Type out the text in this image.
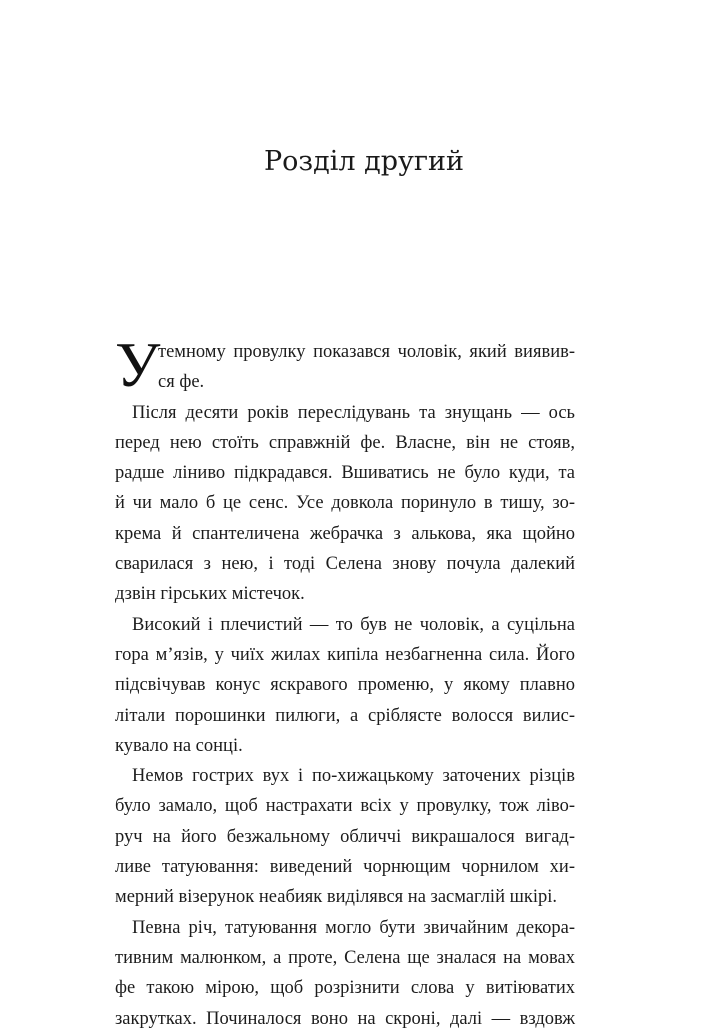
Розділ другий
У
темному провулку показався чоловік, який виявив-
ся фе.
Після десяти років переслідувань та знущань — ось
перед нею стоїть справжній фе. Власне, він не стояв,
радше ліниво підкрадався. Вшиватись не було куди, та
й чи мало б це сенс. Усе довкола поринуло в тишу, зо-
крема й спантеличена жебрачка з алькова, яка щойно
сварилася з нею, і тоді Селена знову почула далекий
дзвін гірських містечок.
Високий і плечистий — то був не чоловік, а суцільна
гора м’язів, у чиїх жилах кипіла незбагненна сила. Його
підсвічував конус яскравого променю, у якому плавно
літали порошинки пилюги, а сріблясте волосся вилис-
кувало на сонці.
Немов гострих вух і по-хижацькому заточених різців
було замало, щоб настрахати всіх у провулку, тож ліво-
руч на його безжальному обличчі викрашалося вигад-
ливе татуювання: виведений чорнющим чорнилом хи-
мерний візерунок неабияк виділявся на засмаглій шкірі.
Певна річ, татуювання могло бути звичайним декора-
тивним малюнком, а проте, Селена ще зналася на мовах
фе такою мірою, щоб розрізнити слова у витіюватих
закрутках. Починалося воно на скроні, далі — вздовж
